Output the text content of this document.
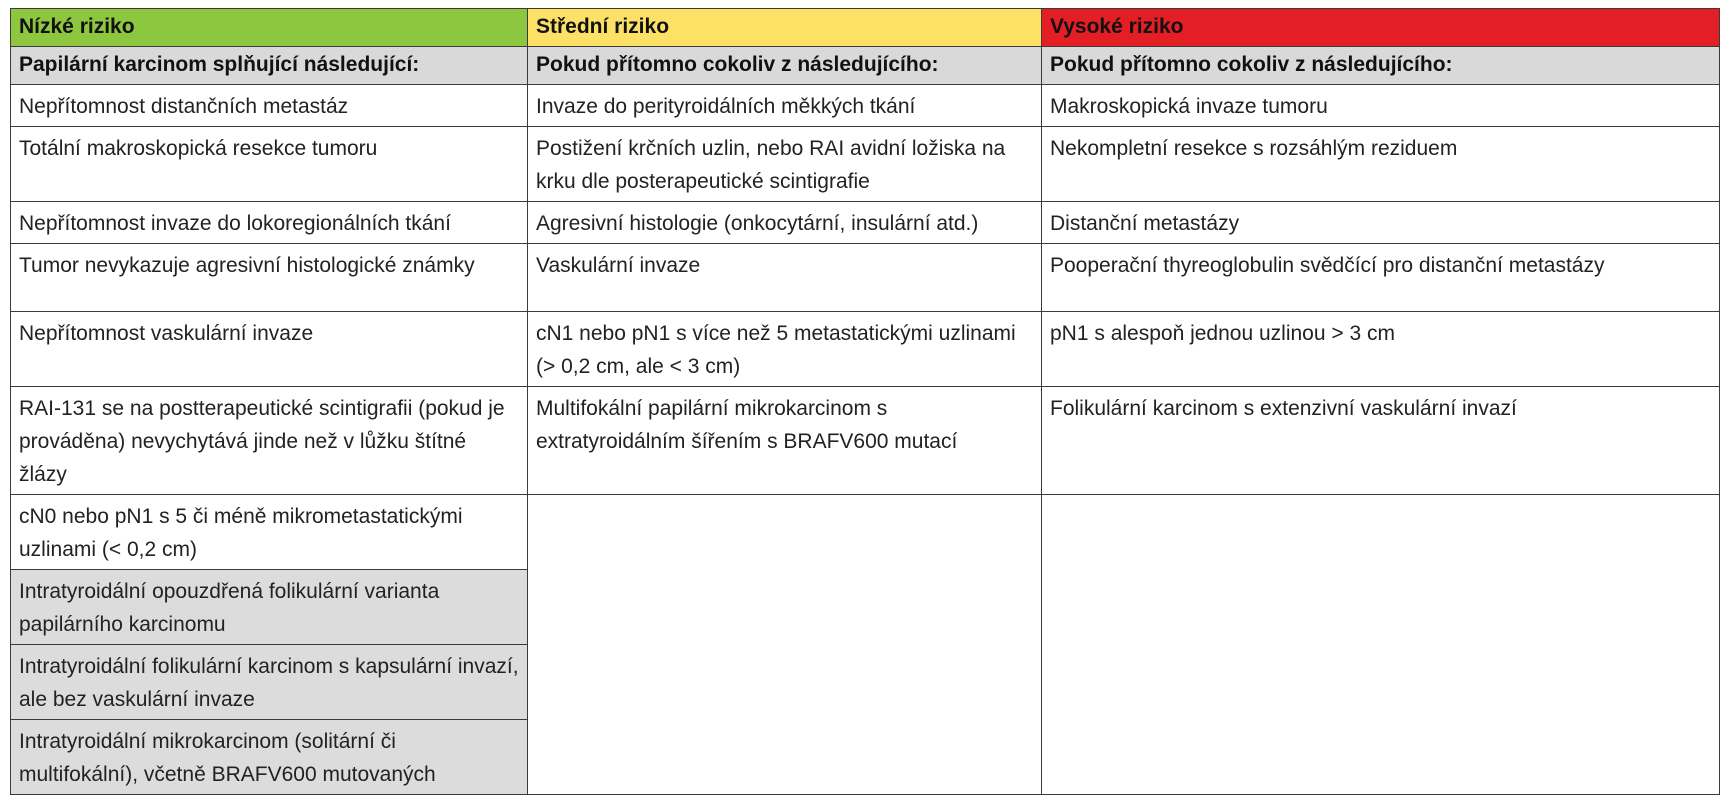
Nízké riziko	Střední riziko	Vysoké riziko
Papilární karcinom splňující následující:	Pokud přítomno cokoliv z následujícího:	Pokud přítomno cokoliv z následujícího:
Nepřítomnost distančních metastáz	Invaze do perityroidálních měkkých tkání	Makroskopická invaze tumoru
Totální makroskopická resekce tumoru	Postižení krčních uzlin, nebo RAI avidní ložiska na krku dle posterapeutické scintigrafie	Nekompletní resekce s rozsáhlým reziduem
Nepřítomnost invaze do lokoregionálních tkání	Agresivní histologie (onkocytární, insulární atd.)	Distanční metastázy
Tumor nevykazuje agresivní histologické známky	Vaskulární invaze	Pooperační thyreoglobulin svědčící pro distanční metastázy
Nepřítomnost vaskulární invaze	cN1 nebo pN1 s více než 5 metastatickými uzlinami (> 0,2 cm, ale < 3 cm)	pN1 s alespoň jednou uzlinou > 3 cm
RAI-131 se na postterapeutické scintigrafii (pokud je prováděna) nevychytává jinde než v lůžku štítné žlázy	Multifokální papilární mikrokarcinom s extratyroidálním šířením s BRAFV600 mutací	Folikulární karcinom s extenzivní vaskulární invazí
cN0 nebo pN1 s 5 či méně mikrometastatickými uzlinami (< 0,2 cm)		
Intratyroidální opouzdřená folikulární varianta papilárního karcinomu		
Intratyroidální folikulární karcinom s kapsulární invazí, ale bez vaskulární invaze		
Intratyroidální mikrokarcinom (solitární či multifokální), včetně BRAFV600 mutovaných		
